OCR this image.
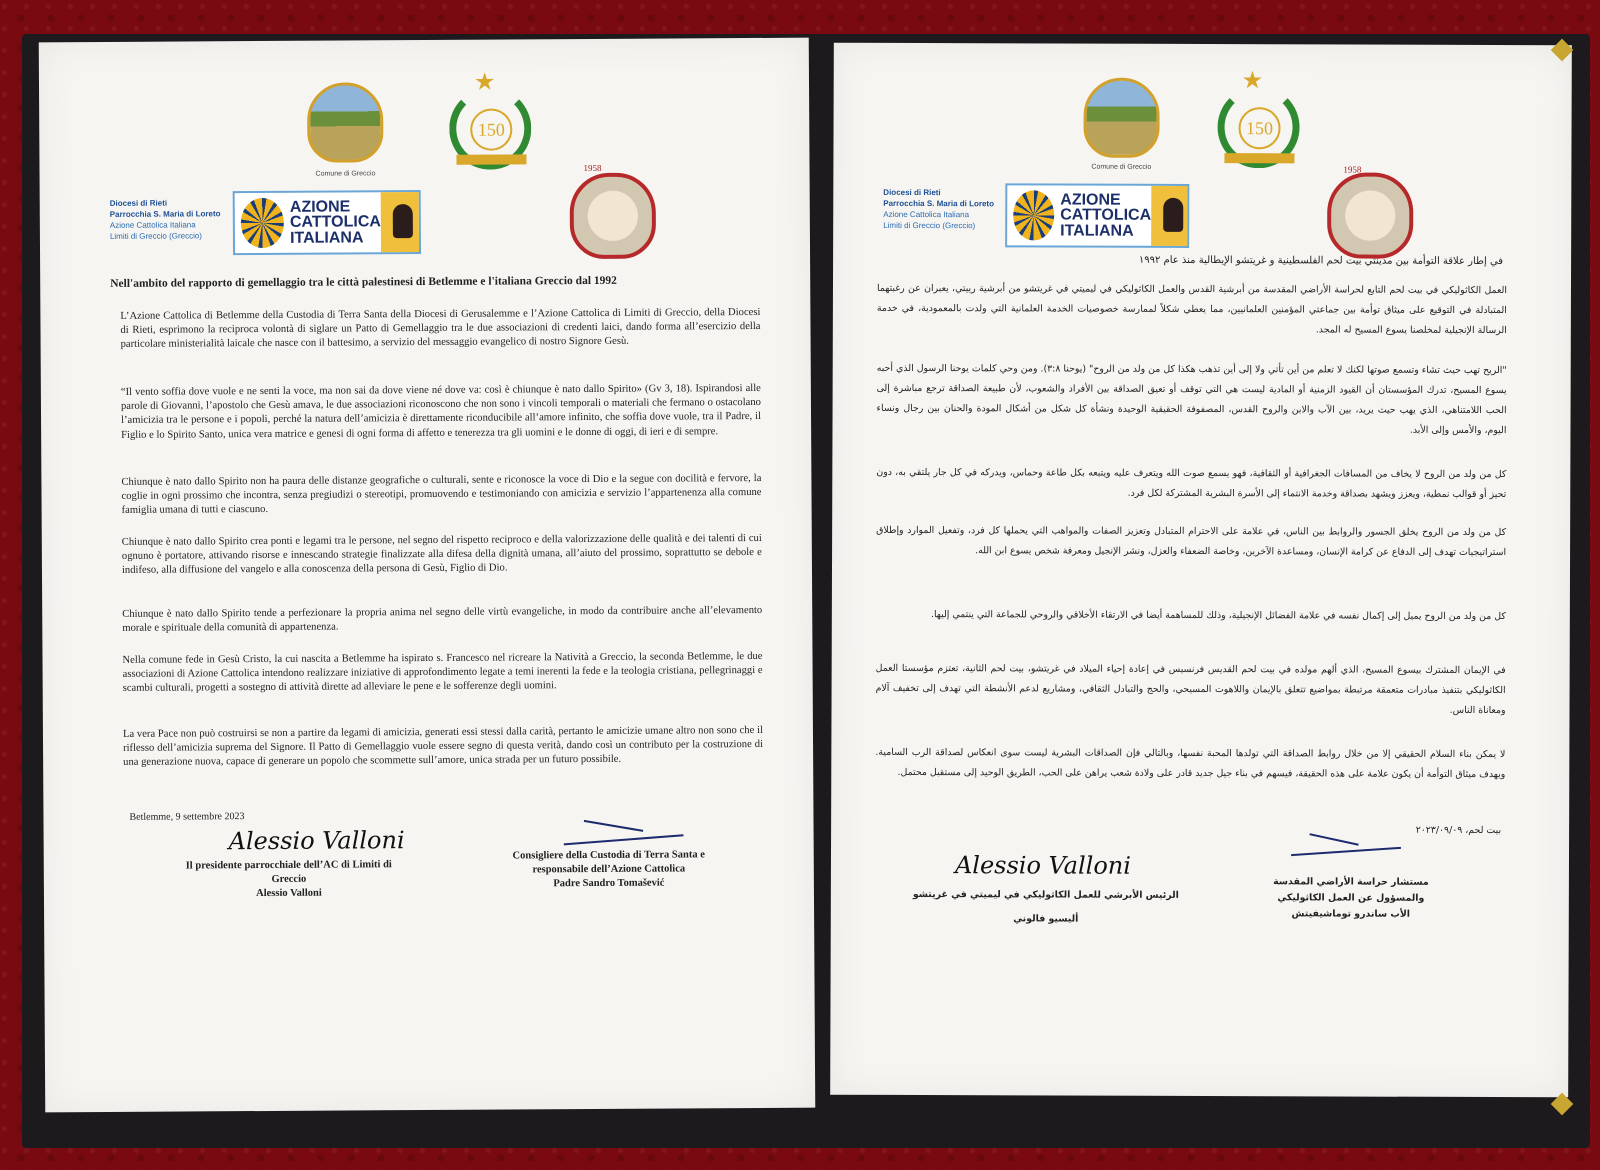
Comune di Greccio
★
150
1958
Diocesi di Rieti
Parrocchia S. Maria di Loreto
Azione Cattolica Italiana
Limiti di Greccio (Greccio)
AZIONE
CATTOLICA
ITALIANA
Nell'ambito del rapporto di gemellaggio tra le città palestinesi di Betlemme e l'italiana Greccio dal 1992
L’Azione Cattolica di Betlemme della Custodia di Terra Santa della Diocesi di Gerusalemme e l’Azione Cattolica di Limiti di Greccio, della Diocesi di Rieti, esprimono la reciproca volontà di siglare un Patto di Gemellaggio tra le due associazioni di credenti laici, dando forma all’esercizio della particolare ministerialità laicale che nasce con il battesimo, a servizio del messaggio evangelico di nostro Signore Gesù.
“Il vento soffia dove vuole e ne senti la voce, ma non sai da dove viene né dove va: così è chiunque è nato dallo Spirito» (Gv 3, 18). Ispirandosi alle parole di Giovanni, l’apostolo che Gesù amava, le due associazioni riconoscono che non sono i vincoli temporali o materiali che fermano o ostacolano l’amicizia tra le persone e i popoli, perché la natura dell’amicizia è direttamente riconducibile all’amore infinito, che soffia dove vuole, tra il Padre, il Figlio e lo Spirito Santo, unica vera matrice e genesi di ogni forma di affetto e tenerezza tra gli uomini e le donne di oggi, di ieri e di sempre.
Chiunque è nato dallo Spirito non ha paura delle distanze geografiche o culturali, sente e riconosce la voce di Dio e la segue con docilità e fervore, la coglie in ogni prossimo che incontra, senza pregiudizi o stereotipi, promuovendo e testimoniando con amicizia e servizio l’appartenenza alla comune famiglia umana di tutti e ciascuno.
Chiunque è nato dallo Spirito crea ponti e legami tra le persone, nel segno del rispetto reciproco e della valorizzazione delle qualità e dei talenti di cui ognuno è portatore, attivando risorse e innescando strategie finalizzate alla difesa della dignità umana, all’aiuto del prossimo, soprattutto se debole e indifeso, alla diffusione del vangelo e alla conoscenza della persona di Gesù, Figlio di Dio.
Chiunque è nato dallo Spirito tende a perfezionare la propria anima nel segno delle virtù evangeliche, in modo da contribuire anche all’elevamento morale e spirituale della comunità di appartenenza.
Nella comune fede in Gesù Cristo, la cui nascita a Betlemme ha ispirato s. Francesco nel ricreare la Natività a Greccio, la seconda Betlemme, le due associazioni di Azione Cattolica intendono realizzare iniziative di approfondimento legate a temi inerenti la fede e la teologia cristiana, pellegrinaggi e scambi culturali, progetti a sostegno di attività dirette ad alleviare le pene e le sofferenze degli uomini.
La vera Pace non può costruirsi se non a partire da legami di amicizia, generati essi stessi dalla carità, pertanto le amicizie umane altro non sono che il riflesso dell’amicizia suprema del Signore. Il Patto di Gemellaggio vuole essere segno di questa verità, dando così un contributo per la costruzione di una generazione nuova, capace di generare un popolo che scommette sull’amore, unica strada per un futuro possibile.
Betlemme, 9 settembre 2023
Alessio Valloni
Il presidente parrocchiale dell’AC di Limiti di
Greccio
Alessio Valloni
Consigliere della Custodia di Terra Santa e
responsabile dell’Azione Cattolica
Padre Sandro Tomašević
Comune di Greccio
★
150
1958
Diocesi di Rieti
Parrocchia S. Maria di Loreto
Azione Cattolica Italiana
Limiti di Greccio (Greccio)
AZIONE
CATTOLICA
ITALIANA
في إطار علاقة التوأمة بين مدينتي بيت لحم الفلسطينية و غريتشو الإيطالية منذ عام ١٩٩٢
العمل الكاثوليكي في بيت لحم التابع لحراسة الأراضي المقدسة من أبرشية القدس والعمل الكاثوليكي في ليميتي في غريتشو من أبرشية رييتي، يعبران عن رغبتهما المتبادلة في التوقيع على ميثاق توأمة بين جماعتي المؤمنين العلمانيين، مما يعطي شكلاً لممارسة خصوصيات الخدمة العلمانية التي ولدت بالمعمودية، في خدمة الرسالة الإنجيلية لمخلصنا يسوع المسيح له المجد.
"الريح تهب حيث تشاء وتسمع صوتها لكنك لا تعلم من أين تأتي ولا إلى أين تذهب هكذا كل من ولد من الروح" (يوحنا ٣:٨). ومن وحي كلمات يوحنا الرسول الذي أحبه يسوع المسيح، تدرك المؤسستان أن القيود الزمنية أو المادية ليست هي التي توقف أو تعيق الصداقة بين الأفراد والشعوب، لأن طبيعة الصداقة ترجع مباشرة إلى الحب اللامتناهي، الذي يهب حيث يريد، بين الآب والابن والروح القدس، المصفوفة الحقيقية الوحيدة ونشأة كل شكل من أشكال المودة والحنان بين رجال ونساء اليوم، والأمس وإلى الأبد.
كل من ولد من الروح لا يخاف من المسافات الجغرافية أو الثقافية، فهو يسمع صوت الله ويتعرف عليه ويتبعه بكل طاعة وحماس، ويدركه في كل جار يلتقي به، دون تحيز أو قوالب نمطية، ويعزز ويشهد بصداقة وخدمة الانتماء إلى الأسرة البشرية المشتركة لكل فرد.
كل من ولد من الروح يخلق الجسور والروابط بين الناس، في علامة على الاحترام المتبادل وتعزيز الصفات والمواهب التي يحملها كل فرد، وتفعيل الموارد وإطلاق استراتيجيات تهدف إلى الدفاع عن كرامة الإنسان، ومساعدة الآخرين، وخاصة الضعفاء والعزل، ونشر الإنجيل ومعرفة شخص يسوع ابن الله.
كل من ولد من الروح يميل إلى إكمال نفسه في علامة الفضائل الإنجيلية، وذلك للمساهمة أيضا في الارتقاء الأخلاقي والروحي للجماعة التي ينتمي إليها.
في الإيمان المشترك بيسوع المسيح، الذي ألهم مولده في بيت لحم القديس فرنسيس في إعادة إحياء الميلاد في غريتشو، بيت لحم الثانية، تعتزم مؤسستا العمل الكاثوليكي بتنفيذ مبادرات متعمقة مرتبطة بمواضيع تتعلق بالإيمان واللاهوت المسيحي، والحج والتبادل الثقافي، ومشاريع لدعم الأنشطة التي تهدف إلى تخفيف آلام ومعاناة الناس.
لا يمكن بناء السلام الحقيقي إلا من خلال روابط الصداقة التي تولدها المحبة نفسها، وبالتالي فإن الصداقات البشرية ليست سوى انعكاس لصداقة الرب السامية. ويهدف ميثاق التوأمة أن يكون علامة على هذه الحقيقة، فيسهم في بناء جيل جديد قادر على ولادة شعب يراهن على الحب، الطريق الوحيد إلى مستقبل محتمل.
بيت لحم، ٢٠٢٣/٠٩/٠٩
Alessio Valloni
الرئيس الأبرشي للعمل الكاثوليكي في ليميتي في غريتشو
أليسيو فالوني
مستشار حراسة الأراضي المقدسة
والمسؤول عن العمل الكاثوليكي
الأب ساندرو توماشيفيتش
